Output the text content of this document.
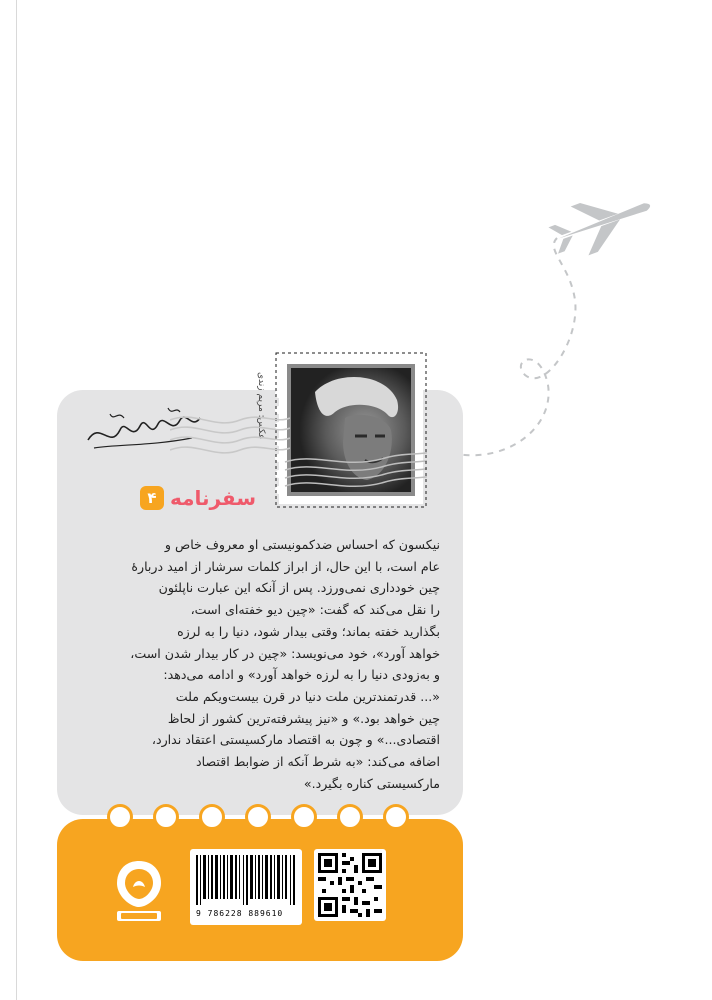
عکس: مریم زندی
سفرنامه
۴
نیکسون که احساس ضدکمونیستی او معروف خاص و
عام است، با این حال، از ابراز کلمات سرشار از امید دربارهٔ
چین خودداری نمی‌ورزد. پس از آنکه این عبارت ناپلئون
را نقل می‌کند که گفت: «چین دیو خفته‌ای است،
بگذارید خفته بماند؛ وقتی بیدار شود، دنیا را به لرزه
خواهد آورد»، خود می‌نویسد: «چین در کار بیدار شدن است،
و به‌زودی دنیا را به لرزه خواهد آورد» و ادامه می‌دهد:
«... قدرتمندترین ملت دنیا در قرن بیست‌ویکم ملت
چین خواهد بود.» و «نیز پیشرفته‌ترین کشور از لحاظ
اقتصادی...» و چون به اقتصاد مارکسیستی اعتقاد ندارد،
اضافه می‌کند: «به شرط آنکه از ضوابط اقتصاد
مارکسیستی کناره بگیرد.»
9 786228 889610
